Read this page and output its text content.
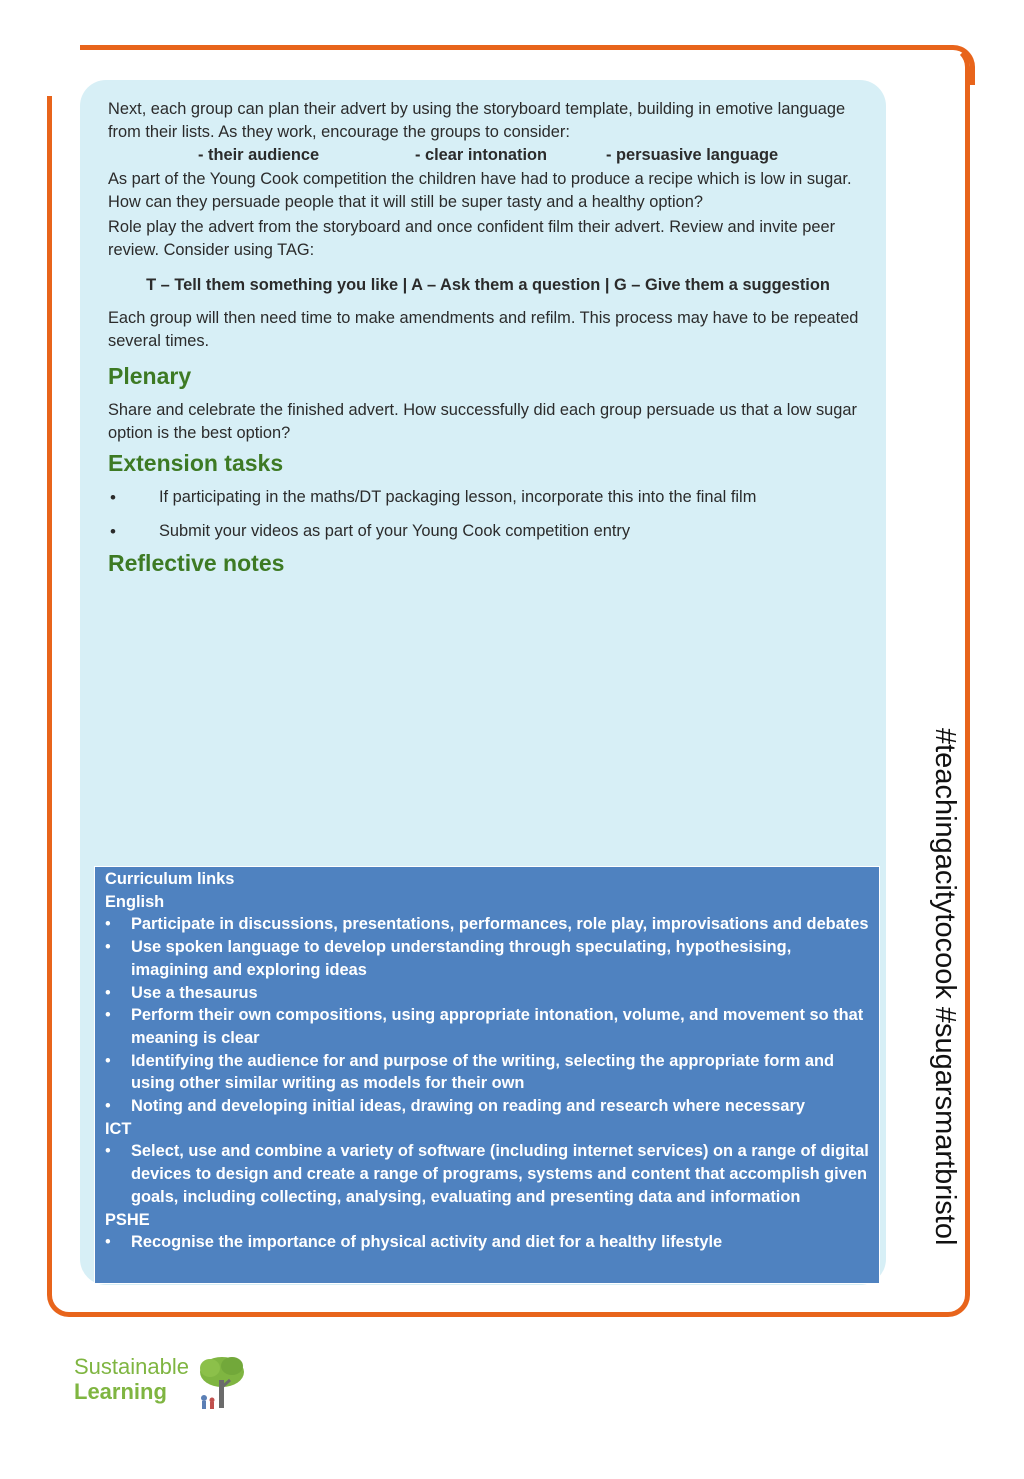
Next, each group can plan their advert by using the storyboard template, building in emotive language from their lists. As they work, encourage the groups to consider:

- their audience	- clear intonation	- persuasive language

As part of the Young Cook competition the children have had to produce a recipe which is low in sugar. How can they persuade people that it will still be super tasty and a healthy option?

Role play the advert from the storyboard and once confident film their advert. Review and invite peer review. Consider using TAG:

T – Tell them something you like | A – Ask them a question | G – Give them a suggestion

Each group will then need time to make amendments and refilm. This process may have to be repeated several times.

Plenary

Share and celebrate the finished advert. How successfully did each group persuade us that a low sugar option is the best option?

Extension tasks
• If participating in the maths/DT packaging lesson, incorporate this into the final film
• Submit your videos as part of your Young Cook competition entry
Reflective notes

Curriculum links

English

• Participate in discussions, presentations, performances, role play, improvisations and debates
• Use spoken language to develop understanding through speculating, hypothesising, imagining and exploring ideas
• Use a thesaurus
• Perform their own compositions, using appropriate intonation, volume, and movement so that meaning is clear
• Identifying the audience for and purpose of the writing, selecting the appropriate form and using other similar writing as models for their own
• Noting and developing initial ideas, drawing on reading and research where necessary

ICT

• Select, use and combine a variety of software (including internet services) on a range of digital devices to design and create a range of programs, systems and content that accomplish given goals, including collecting, analysing, evaluating and presenting data and information

PSHE

• Recognise the importance of physical activity and diet for a healthy lifestyle	#teachingacitytocook #sugarsmartbristol
Sustainable
Learning
